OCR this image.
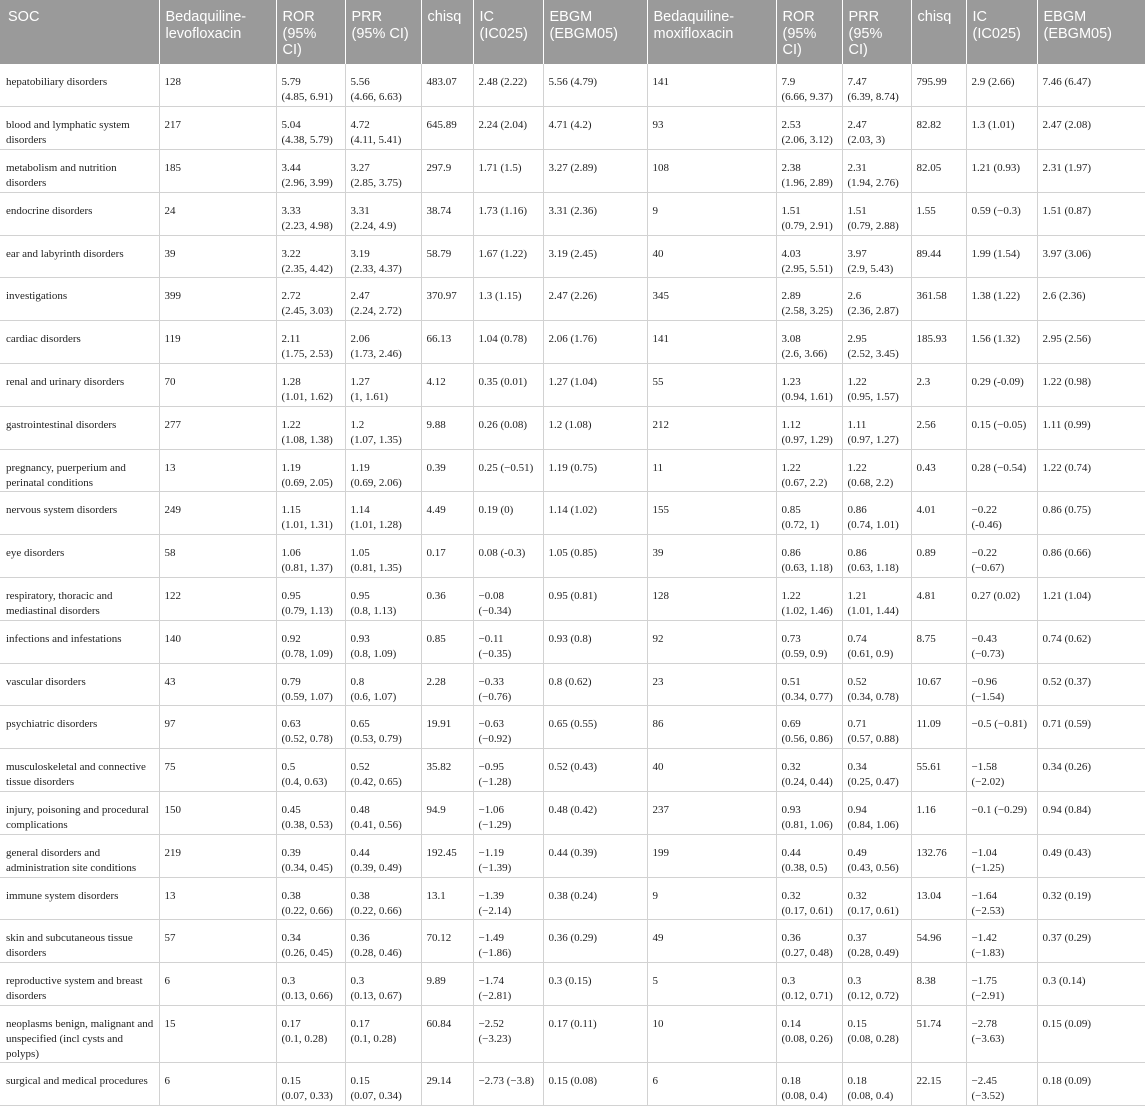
SOC	Bedaquiline-levofloxacin	ROR (95% CI)	PRR (95% CI)	chisq	IC (IC025)	EBGM (EBGM05)	Bedaquiline-moxifloxacin	ROR (95% CI)	PRR (95% CI)	chisq	IC (IC025)	EBGM (EBGM05)
hepatobiliary disorders	128	5.79
(4.85, 6.91)	5.56
(4.66, 6.63)	483.07	2.48 (2.22)	5.56 (4.79)	141	7.9
(6.66, 9.37)	7.47
(6.39, 8.74)	795.99	2.9 (2.66)	7.46 (6.47)
blood and lymphatic system disorders	217	5.04
(4.38, 5.79)	4.72
(4.11, 5.41)	645.89	2.24 (2.04)	4.71 (4.2)	93	2.53
(2.06, 3.12)	2.47
(2.03, 3)	82.82	1.3 (1.01)	2.47 (2.08)
metabolism and nutrition disorders	185	3.44
(2.96, 3.99)	3.27
(2.85, 3.75)	297.9	1.71 (1.5)	3.27 (2.89)	108	2.38
(1.96, 2.89)	2.31
(1.94, 2.76)	82.05	1.21 (0.93)	2.31 (1.97)
endocrine disorders	24	3.33
(2.23, 4.98)	3.31
(2.24, 4.9)	38.74	1.73 (1.16)	3.31 (2.36)	9	1.51
(0.79, 2.91)	1.51
(0.79, 2.88)	1.55	0.59 (−0.3)	1.51 (0.87)
ear and labyrinth disorders	39	3.22
(2.35, 4.42)	3.19
(2.33, 4.37)	58.79	1.67 (1.22)	3.19 (2.45)	40	4.03
(2.95, 5.51)	3.97
(2.9, 5.43)	89.44	1.99 (1.54)	3.97 (3.06)
investigations	399	2.72
(2.45, 3.03)	2.47
(2.24, 2.72)	370.97	1.3 (1.15)	2.47 (2.26)	345	2.89
(2.58, 3.25)	2.6
(2.36, 2.87)	361.58	1.38 (1.22)	2.6 (2.36)
cardiac disorders	119	2.11
(1.75, 2.53)	2.06
(1.73, 2.46)	66.13	1.04 (0.78)	2.06 (1.76)	141	3.08
(2.6, 3.66)	2.95
(2.52, 3.45)	185.93	1.56 (1.32)	2.95 (2.56)
renal and urinary disorders	70	1.28
(1.01, 1.62)	1.27
(1, 1.61)	4.12	0.35 (0.01)	1.27 (1.04)	55	1.23
(0.94, 1.61)	1.22
(0.95, 1.57)	2.3	0.29 (-0.09)	1.22 (0.98)
gastrointestinal disorders	277	1.22
(1.08, 1.38)	1.2
(1.07, 1.35)	9.88	0.26 (0.08)	1.2 (1.08)	212	1.12
(0.97, 1.29)	1.11
(0.97, 1.27)	2.56	0.15 (−0.05)	1.11 (0.99)
pregnancy, puerperium and perinatal conditions	13	1.19
(0.69, 2.05)	1.19
(0.69, 2.06)	0.39	0.25 (−0.51)	1.19 (0.75)	11	1.22
(0.67, 2.2)	1.22
(0.68, 2.2)	0.43	0.28 (−0.54)	1.22 (0.74)
nervous system disorders	249	1.15
(1.01, 1.31)	1.14
(1.01, 1.28)	4.49	0.19 (0)	1.14 (1.02)	155	0.85
(0.72, 1)	0.86
(0.74, 1.01)	4.01	−0.22
(-0.46)	0.86 (0.75)
eye disorders	58	1.06
(0.81, 1.37)	1.05
(0.81, 1.35)	0.17	0.08 (-0.3)	1.05 (0.85)	39	0.86
(0.63, 1.18)	0.86
(0.63, 1.18)	0.89	−0.22
(−0.67)	0.86 (0.66)
respiratory, thoracic and mediastinal disorders	122	0.95
(0.79, 1.13)	0.95
(0.8, 1.13)	0.36	−0.08
(−0.34)	0.95 (0.81)	128	1.22
(1.02, 1.46)	1.21
(1.01, 1.44)	4.81	0.27 (0.02)	1.21 (1.04)
infections and infestations	140	0.92
(0.78, 1.09)	0.93
(0.8, 1.09)	0.85	−0.11
(−0.35)	0.93 (0.8)	92	0.73
(0.59, 0.9)	0.74
(0.61, 0.9)	8.75	−0.43
(−0.73)	0.74 (0.62)
vascular disorders	43	0.79
(0.59, 1.07)	0.8
(0.6, 1.07)	2.28	−0.33
(−0.76)	0.8 (0.62)	23	0.51
(0.34, 0.77)	0.52
(0.34, 0.78)	10.67	−0.96
(−1.54)	0.52 (0.37)
psychiatric disorders	97	0.63
(0.52, 0.78)	0.65
(0.53, 0.79)	19.91	−0.63
(−0.92)	0.65 (0.55)	86	0.69
(0.56, 0.86)	0.71
(0.57, 0.88)	11.09	−0.5 (−0.81)	0.71 (0.59)
musculoskeletal and connective tissue disorders	75	0.5
(0.4, 0.63)	0.52
(0.42, 0.65)	35.82	−0.95
(−1.28)	0.52 (0.43)	40	0.32
(0.24, 0.44)	0.34
(0.25, 0.47)	55.61	−1.58
(−2.02)	0.34 (0.26)
injury, poisoning and procedural complications	150	0.45
(0.38, 0.53)	0.48
(0.41, 0.56)	94.9	−1.06
(−1.29)	0.48 (0.42)	237	0.93
(0.81, 1.06)	0.94
(0.84, 1.06)	1.16	−0.1 (−0.29)	0.94 (0.84)
general disorders and administration site conditions	219	0.39
(0.34, 0.45)	0.44
(0.39, 0.49)	192.45	−1.19
(−1.39)	0.44 (0.39)	199	0.44
(0.38, 0.5)	0.49
(0.43, 0.56)	132.76	−1.04
(−1.25)	0.49 (0.43)
immune system disorders	13	0.38
(0.22, 0.66)	0.38
(0.22, 0.66)	13.1	−1.39
(−2.14)	0.38 (0.24)	9	0.32
(0.17, 0.61)	0.32
(0.17, 0.61)	13.04	−1.64
(−2.53)	0.32 (0.19)
skin and subcutaneous tissue disorders	57	0.34
(0.26, 0.45)	0.36
(0.28, 0.46)	70.12	−1.49
(−1.86)	0.36 (0.29)	49	0.36
(0.27, 0.48)	0.37
(0.28, 0.49)	54.96	−1.42
(−1.83)	0.37 (0.29)
reproductive system and breast disorders	6	0.3
(0.13, 0.66)	0.3
(0.13, 0.67)	9.89	−1.74
(−2.81)	0.3 (0.15)	5	0.3
(0.12, 0.71)	0.3
(0.12, 0.72)	8.38	−1.75
(−2.91)	0.3 (0.14)
neoplasms benign, malignant and unspecified (incl cysts and polyps)	15	0.17
(0.1, 0.28)	0.17
(0.1, 0.28)	60.84	−2.52
(−3.23)	0.17 (0.11)	10	0.14
(0.08, 0.26)	0.15
(0.08, 0.28)	51.74	−2.78
(−3.63)	0.15 (0.09)
surgical and medical procedures	6	0.15
(0.07, 0.33)	0.15
(0.07, 0.34)	29.14	−2.73 (−3.8)	0.15 (0.08)	6	0.18
(0.08, 0.4)	0.18
(0.08, 0.4)	22.15	−2.45
(−3.52)	0.18 (0.09)
